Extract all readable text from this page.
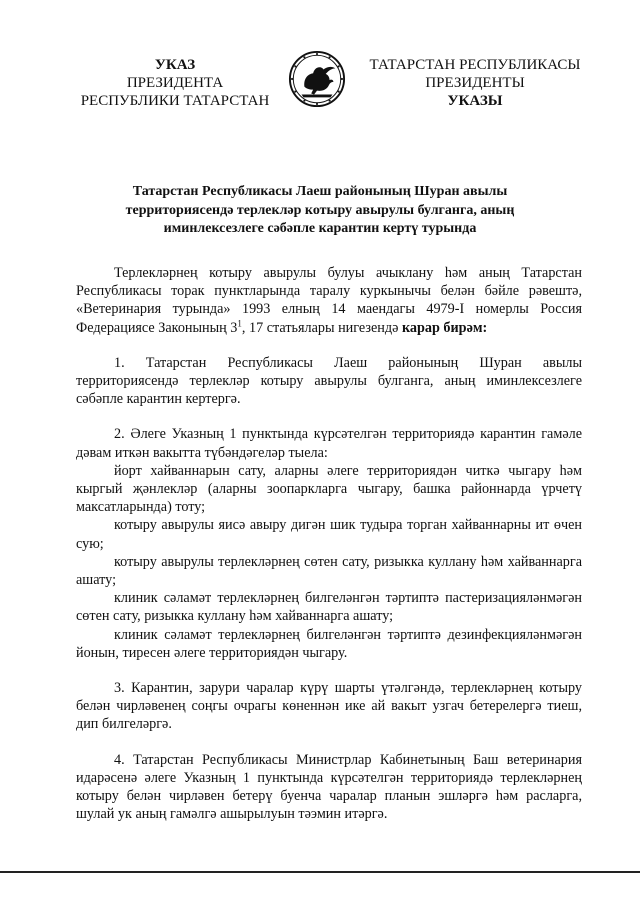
УКАЗ
ПРЕЗИДЕНТА
РЕСПУБЛИКИ ТАТАРСТАН
ТАТАРСТАН РЕСПУБЛИКАСЫ
ПРЕЗИДЕНТЫ
УКАЗЫ
Татарстан Республикасы Лаеш районының Шуран авылы
территориясендә терлекләр котыру авырулы булганга, аның
иминлексезлеге сәбәпле карантин кертү турында

Терлекләрнең котыру авырулы булуы ачыклану һәм аның Татарстан Республикасы торак пунктларында таралу куркынычы белән бәйле рәвештә, «Ветеринария турында» 1993 елның 14 маендагы 4979-I номерлы Россия Федерациясе Законының $3^1$, 17 статьялары нигезендә карар бирәм:

1. Татарстан Республикасы Лаеш районының Шуран авылы территориясендә терлекләр котыру авырулы булганга, аның иминлексезлеге сәбәпле карантин кертергә.

2. Әлеге Указның 1 пунктында күрсәтелгән территориядә карантин гамәле дәвам иткән вакытта түбәндәгеләр тыела:

йорт хайваннарын сату, аларны әлеге территориядән читкә чыгару һәм кыргый җәнлекләр (аларны зоопаркларга чыгару, башка районнарда үрчетү максатларында) тоту;

котыру авырулы яисә авыру дигән шик тудыра торган хайваннарны ит өчен сую;

котыру авырулы терлекләрнең сөтен сату, ризыкка куллану һәм хайваннарга ашату;

клиник сәламәт терлекләрнең билгеләнгән тәртиптә пастеризацияләнмәгән сөтен сату, ризыкка куллану һәм хайваннарга ашату;

клиник сәламәт терлекләрнең билгеләнгән тәртиптә дезинфекцияләнмәгән йонын, тиресен әлеге территориядән чыгару.

3. Карантин, зарури чаралар күрү шарты үтәлгәндә, терлекләрнең котыру белән чирләвенең соңгы очрагы көненнән ике ай вакыт узгач бетерелергә тиеш, дип билгеләргә.

4. Татарстан Республикасы Министрлар Кабинетының Баш ветеринария идарәсенә әлеге Указның 1 пунктында күрсәтелгән территориядә терлекләрнең котыру белән чирләвен бетерү буенча чаралар планын эшләргә һәм расларга, шулай ук аның гамәлгә ашырылуын тәэмин итәргә.
